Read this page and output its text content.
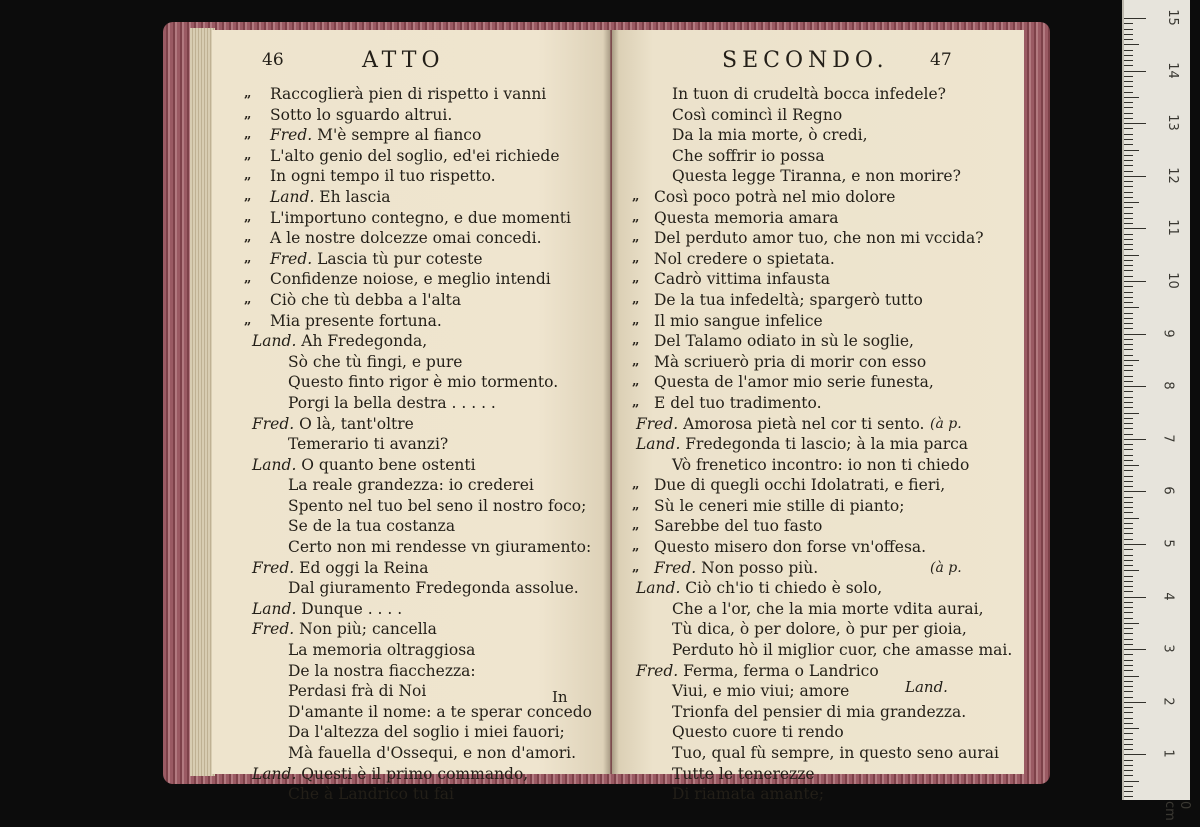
46	ATTO
„ Raccoglierà pien di rispetto i vanni
„ Sotto lo sguardo altrui.
„ Fred. M'è sempre al fianco
„ L'alto genio del soglio, ed'ei richiede
„ In ogni tempo il tuo rispetto.
„ Land. Eh lascia
„ L'importuno contegno, e due momenti
„ A le nostre dolcezze omai concedi.
„ Fred. Lascia tù pur coteste
„ Confidenze noiose, e meglio intendi
„ Ciò che tù debba a l'alta
„ Mia presente fortuna.
Land. Ah Fredegonda,
Sò che tù fingi, e pure
Questo finto rigor è mio tormento.
Porgi la bella destra . . . . .
Fred. O là, tant'oltre
Temerario ti avanzi?
Land. O quanto bene ostenti
La reale grandezza: io crederei
Spento nel tuo bel seno il nostro foco;
Se de la tua costanza
Certo non mi rendesse vn giuramento:
Fred. Ed oggi la Reina
Dal giuramento Fredegonda assolue.
Land. Dunque . . . .
Fred. Non più; cancella
La memoria oltraggiosa
De la nostra fiacchezza:
Perdasi frà di Noi
D'amante il nome: a te sperar concedo
Da l'altezza del soglio i miei fauori;
Mà fauella d'Ossequi, e non d'amori.
Land. Questi è il primo commando,
Che à Landrico tu fai
In
SECONDO. 47
In tuon di crudeltà bocca infedele?
Così comincì il Regno
Da la mia morte, ò credi,
Che soffrir io possa
Questa legge Tiranna, e non morire?
„ Così poco potrà nel mio dolore
„ Questa memoria amara
„ Del perduto amor tuo, che non mi vccida?
„ Nol credere o spietata.
„ Cadrò vittima infausta
„ De la tua infedeltà; spargerò tutto
„ Il mio sangue infelice
„ Del Talamo odiato in sù le soglie,
„ Mà scriuerò pria di morir con esso
„ Questa de l'amor mio serie funesta,
„ E del tuo tradimento.
Fred. Amorosa pietà nel cor ti sento. (à p.
Land. Fredegonda ti lascio; à la mia parca
Vò frenetico incontro: io non ti chiedo
„ Due di quegli occhi Idolatrati, e fieri,
„ Sù le ceneri mie stille di pianto;
„ Sarebbe del tuo fasto
„ Questo misero don forse vn'offesa.
„ Fred. Non posso più.	(à p.
Land. Ciò ch'io ti chiedo è solo,
Che a l'or, che la mia morte vdita aurai,
Tù dica, ò per dolore, ò pur per gioia,
Perduto hò il miglior cuor, che amasse mai.
Fred. Ferma, ferma o Landrico
Viui, e mio viui; amore
Trionfa del pensier di mia grandezza.
Questo cuore ti rendo
Tuo, qual fù sempre, in questo seno aurai
Tutte le tenerezze
Di riamata amante;
Land.
15
14
13
12
11
10
9
8
7
6
5
4
3
2
1
0 cm
